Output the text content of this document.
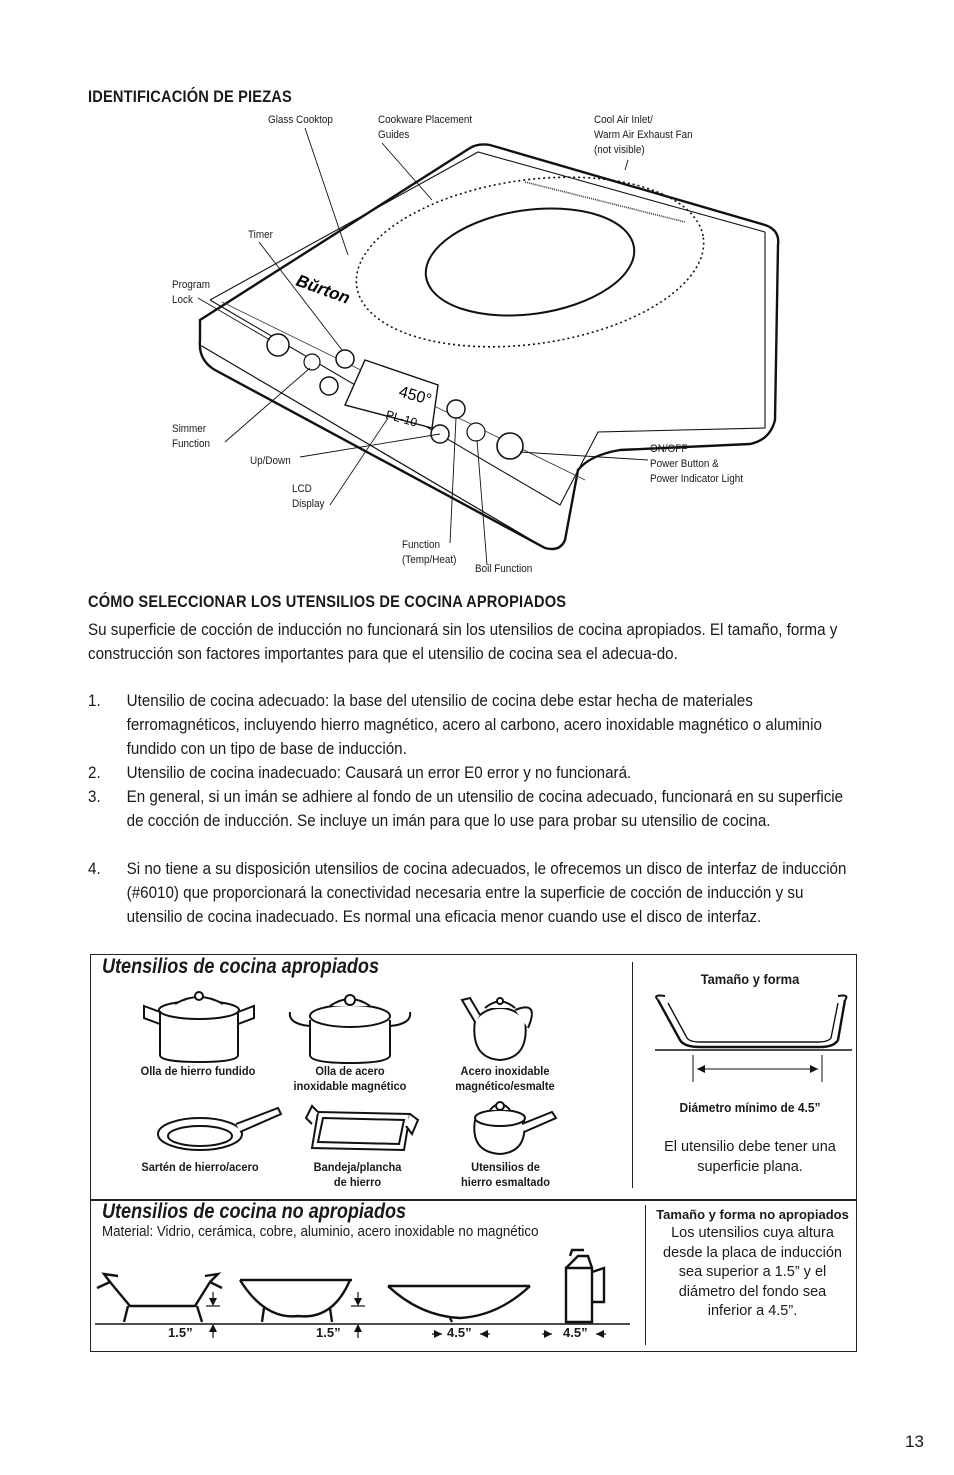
IDENTIFICACIÓN DE PIEZAS
Bŭrton
450°
PL-10
Glass Cooktop	Cookware Placement
Guides
Cool Air Inlet/
Warm Air Exhaust Fan
(not visible)
Timer
Program
Lock
Simmer
Function
Up/Down
LCD
Display
Function
(Temp/Heat)
Boil Function
ON/OFF
Power Button &
Power Indicator Light
CÓMO SELECCIONAR LOS UTENSILIOS DE COCINA APROPIADOS
Su superficie de cocción de inducción no funcionará sin los utensilios de cocina apropiados. El tamaño, forma y construcción son factores importantes para que el utensilio de cocina sea el adecua-do.
1. Utensilio de cocina adecuado: la base del utensilio de cocina debe estar hecha de materiales ferromagnéticos, incluyendo hierro magnético, acero al carbono, acero inoxidable magnético o aluminio fundido con un tipo de base de inducción.
2. Utensilio de cocina inadecuado: Causará un error E0 error y no funcionará.
3. En general, si un imán se adhiere al fondo de un utensilio de cocina adecuado, funcionará en su superficie de cocción de inducción. Se incluye un imán para que lo use para probar su utensilio de cocina.
4. Si no tiene a su disposición utensilios de cocina adecuados, le ofrecemos un disco de interfaz de inducción (#6010) que proporcionará la conectividad necesaria entre la superficie de cocción de inducción y su utensilio de cocina inadecuado. Es normal una eficacia menor cuando use el disco de interfaz.
Utensilios de cocina apropiados
Olla de hierro fundido	Olla de acero
inoxidable magnético
Acero inoxidable
magnético/esmalte
Sartén de hierro/acero	Bandeja/plancha
de hierro
Utensilios de
hierro esmaltado
Tamaño y forma
Diámetro mínimo de 4.5”
El utensilio debe tener una superficie plana.
Utensilios de cocina no apropiados
Material: Vidrio, cerámica, cobre, aluminio, acero inoxidable no magnético
1.5”	1.5”	4.5”	4.5”
Tamaño y forma no apropiados
Los utensilios cuya altura desde la placa de inducción sea superior a 1.5” y el diámetro del fondo sea inferior a 4.5”.
13
